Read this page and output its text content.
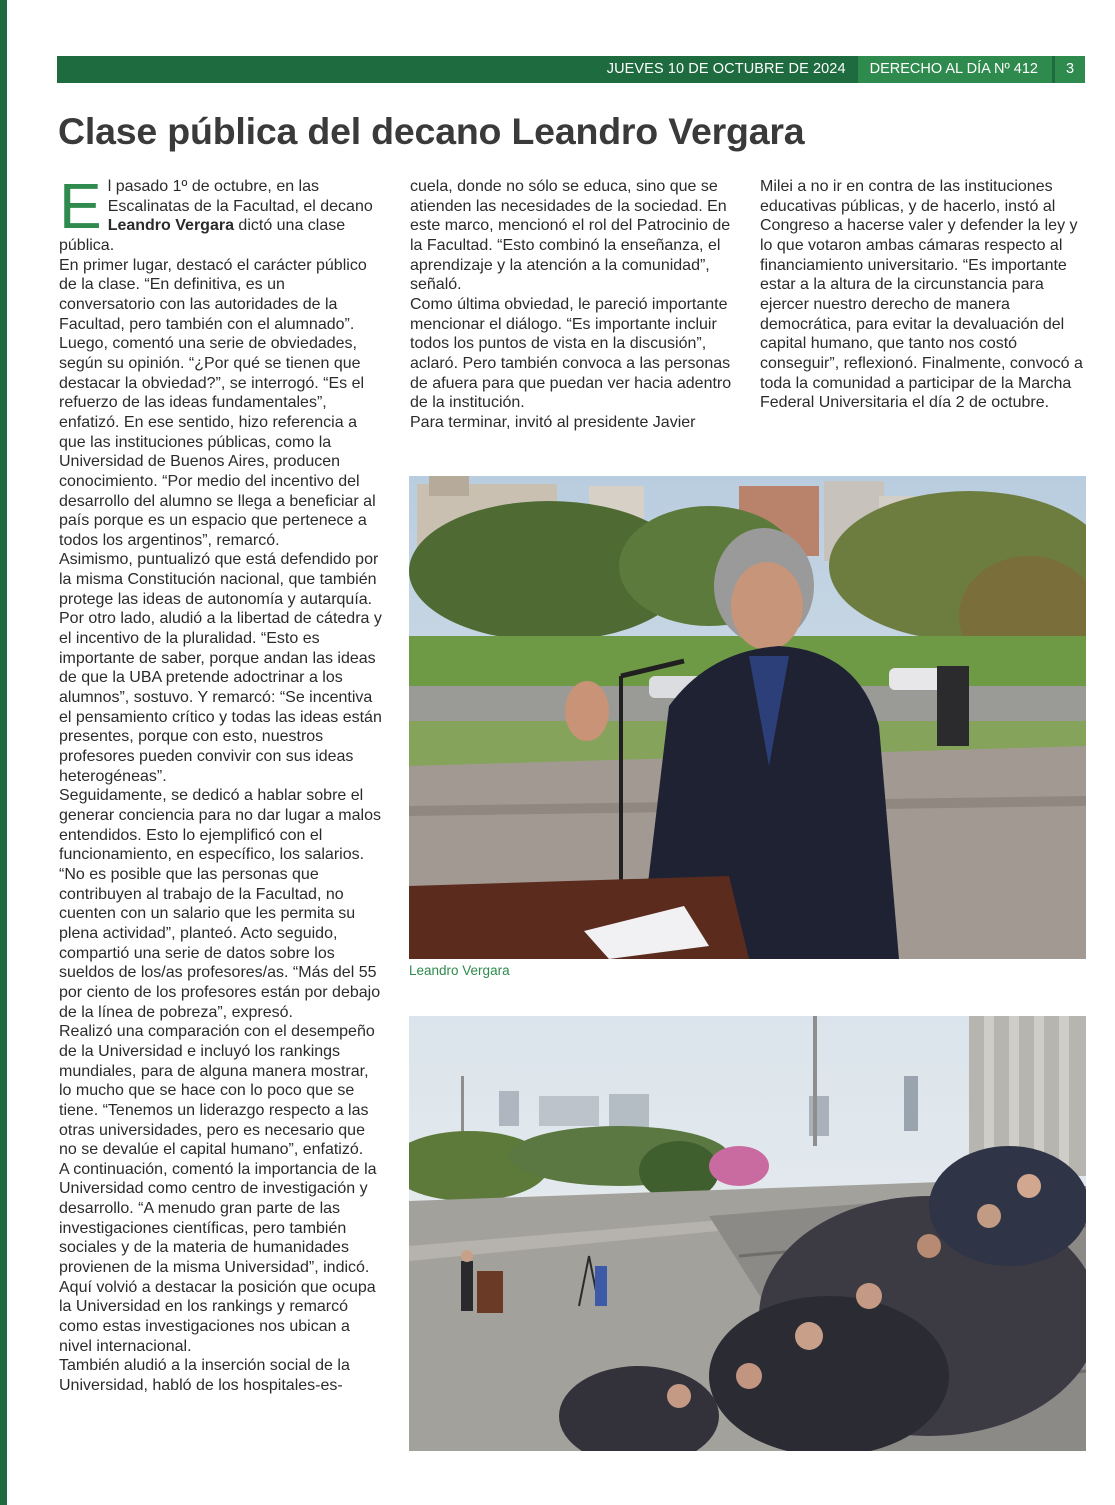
JUEVES 10 DE OCTUBRE DE 2024	DERECHO AL DÍA Nº 412	3
Clase pública del decano Leandro Vergara

El pasado 1º de octubre, en las Escalinatas de la Facultad, el decano Leandro Vergara dictó una clase pública.

En primer lugar, destacó el carácter público de la clase. “En definitiva, es un conversatorio con las autoridades de la Facultad, pero también con el alumnado”.

Luego, comentó una serie de obviedades, según su opinión. “¿Por qué se tienen que destacar la obviedad?”, se interrogó. “Es el refuerzo de las ideas fundamentales”, enfatizó. En ese sentido, hizo referencia a que las instituciones públicas, como la Universidad de Buenos Aires, producen conocimiento. “Por medio del incentivo del desarrollo del alumno se llega a beneficiar al país porque es un espacio que pertenece a todos los argentinos”, remarcó.

Asimismo, puntualizó que está defendido por la misma Constitución nacional, que también protege las ideas de autonomía y autarquía.

Por otro lado, aludió a la libertad de cátedra y el incentivo de la pluralidad. “Esto es importante de saber, porque andan las ideas de que la UBA pretende adoctrinar a los alumnos”, sostuvo. Y remarcó: “Se incentiva el pensamiento crítico y todas las ideas están presentes, porque con esto, nuestros profesores pueden convivir con sus ideas heterogéneas”.

Seguidamente, se dedicó a hablar sobre el generar conciencia para no dar lugar a malos entendidos. Esto lo ejemplificó con el funcionamiento, en específico, los salarios. “No es posible que las personas que contribuyen al trabajo de la Facultad, no cuenten con un salario que les permita su plena actividad”, planteó. Acto seguido, compartió una serie de datos sobre los sueldos de los/as profesores/as. “Más del 55 por ciento de los profesores están por debajo de la línea de pobreza”, expresó.

Realizó una comparación con el desempeño de la Universidad e incluyó los rankings mundiales, para de alguna manera mostrar, lo mucho que se hace con lo poco que se tiene. “Tenemos un liderazgo respecto a las otras universidades, pero es necesario que no se devalúe el capital humano”, enfatizó.

A continuación, comentó la importancia de la Universidad como centro de investigación y desarrollo. “A menudo gran parte de las investigaciones científicas, pero también sociales y de la materia de humanidades provienen de la misma Universidad”, indicó. Aquí volvió a destacar la posición que ocupa la Universidad en los rankings y remarcó como estas investigaciones nos ubican a nivel internacional.

También aludió a la inserción social de la Universidad, habló de los hospitales-es-

cuela, donde no sólo se educa, sino que se atienden las necesidades de la sociedad. En este marco, mencionó el rol del Patrocinio de la Facultad. “Esto combinó la enseñanza, el aprendizaje y la atención a la comunidad”, señaló.

Como última obviedad, le pareció importante mencionar el diálogo. “Es importante incluir todos los puntos de vista en la discusión”, aclaró. Pero también convoca a las personas de afuera para que puedan ver hacia adentro de la institución.

Para terminar, invitó al presidente Javier

Milei a no ir en contra de las instituciones educativas públicas, y de hacerlo, instó al Congreso a hacerse valer y defender la ley y lo que votaron ambas cámaras respecto al financiamiento universitario. “Es importante estar a la altura de la circunstancia para ejercer nuestro derecho de manera democrática, para evitar la devaluación del capital humano, que tanto nos costó conseguir”, reflexionó. Finalmente, convocó a toda la comunidad a participar de la Marcha Federal Universitaria el día 2 de octubre.

Leandro Vergara
